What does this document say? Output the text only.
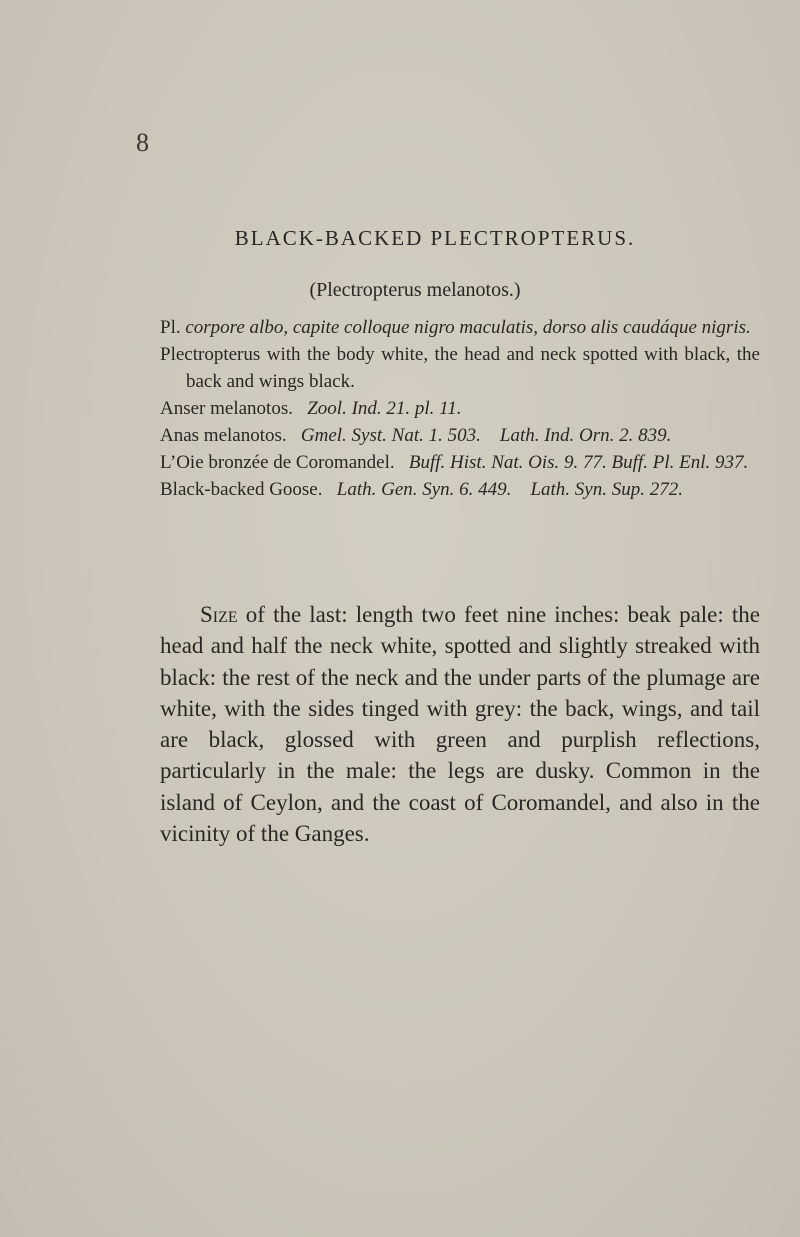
8
BLACK-BACKED PLECTROPTERUS.
(Plectropterus melanotos.)

Pl. corpore albo, capite colloque nigro maculatis, dorso alis caudáque nigris.

Plectropterus with the body white, the head and neck spotted with black, the back and wings black.

Anser melanotos. Zool. Ind. 21. pl. 11.

Anas melanotos. Gmel. Syst. Nat. 1. 503. Lath. Ind. Orn. 2. 839.

L’Oie bronzée de Coromandel. Buff. Hist. Nat. Ois. 9. 77. Buff. Pl. Enl. 937.

Black-backed Goose. Lath. Gen. Syn. 6. 449. Lath. Syn. Sup. 272.

Size of the last: length two feet nine inches: beak pale: the head and half the neck white, spotted and slightly streaked with black: the rest of the neck and the under parts of the plumage are white, with the sides tinged with grey: the back, wings, and tail are black, glossed with green and purplish reflections, particularly in the male: the legs are dusky. Common in the island of Ceylon, and the coast of Coromandel, and also in the vicinity of the Ganges.
